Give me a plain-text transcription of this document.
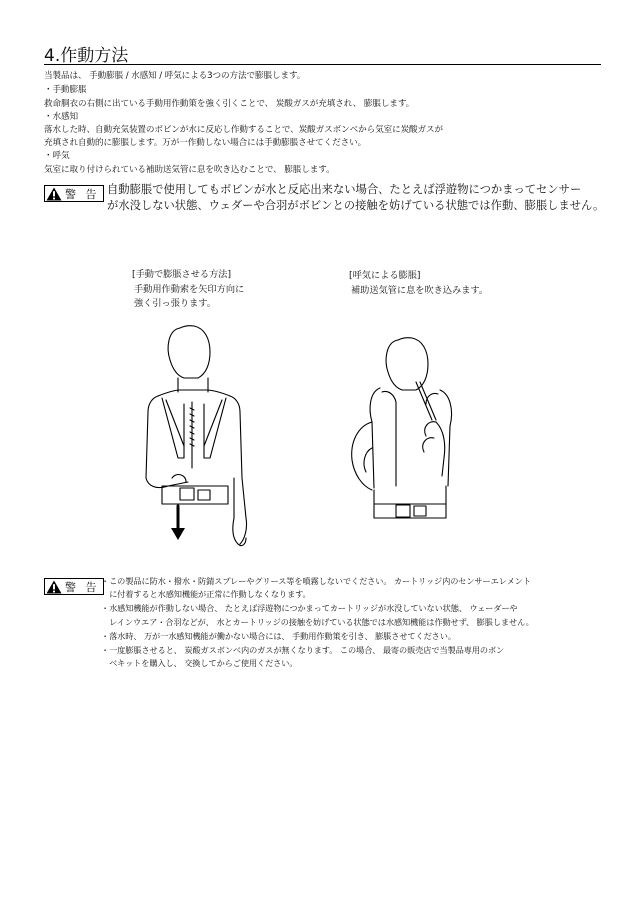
4.作動方法
当製品は、 手動膨脹 / 水感知 / 呼気による3つの方法で膨脹します。
・手動膨脹
救命胴衣の右側に出ている手動用作動策を強く引くことで、 炭酸ガスが充填され、 膨脹します。
・水感知
落水した時、自動充気装置のボビンが水に反応し作動することで、炭酸ガスボンベから気室に炭酸ガスが
充填され自動的に膨脹します。万が一作動しない場合には手動膨脹させてください。
・呼気
気室に取り付けられている補助送気管に息を吹き込むことで、 膨脹します。
警 告 自動膨脹で使用してもボビンが水と反応出来ない場合、たとえば浮遊物につかまってセンサー
が水没しない状態、ウェダーや合羽がボビンとの接触を妨げている状態では作動、膨脹しません。
[手動で膨脹させる方法]
手動用作動索を矢印方向に
強く引っ張ります。
[呼気による膨脹]
補助送気管に息を吹き込みます。
警 告 ・この製品に防水・撥水・防錆スプレーやグリース等を噴霧しないでください。 カートリッジ内のセンサーエレメント
　に付着すると水感知機能が正常に作動しなくなります。
・水感知機能が作動しない場合、 たとえば浮遊物につかまってカートリッジが水没していない状態、 ウェーダーや
　レインウエア・合羽などが、 水とカートリッジの接触を妨げている状態では水感知機能は作動せず、 膨脹しません。
・落水時、 万が一水感知機能が働かない場合には、 手動用作動策を引き、 膨脹させてください。
・一度膨脹させると、 炭酸ガスボンベ内のガスが無くなります。 この場合、 最寄の販売店で当製品専用のボン
　ベキットを購入し、 交換してからご使用ください。
